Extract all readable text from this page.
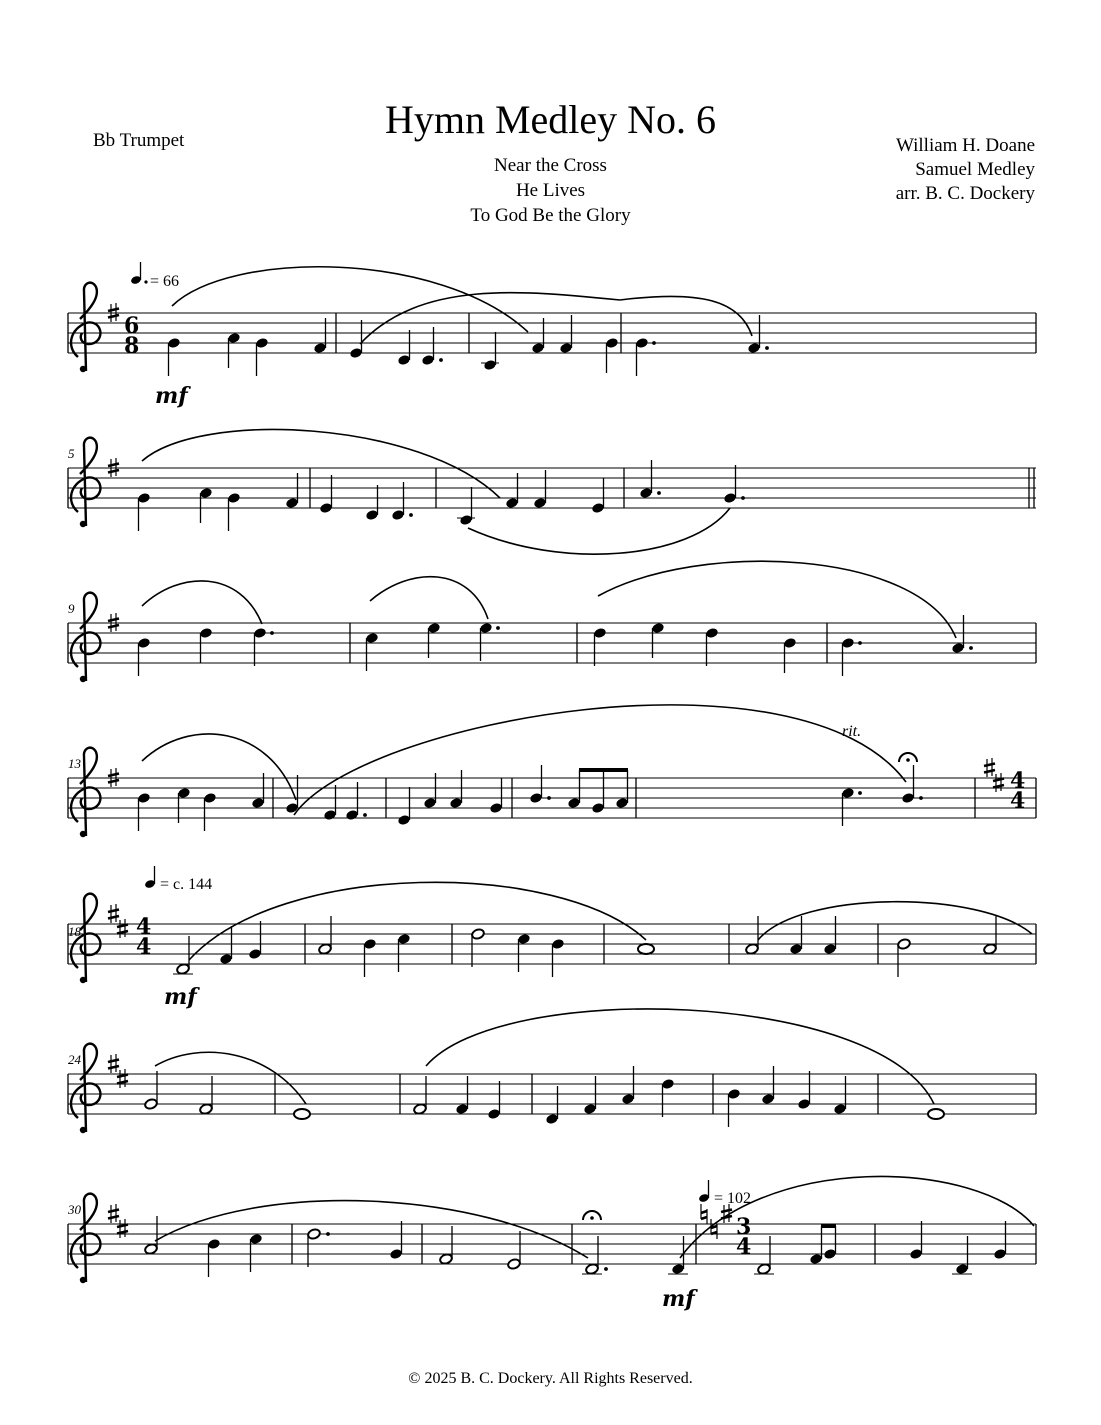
Hymn Medley No. 6
Bb Trumpet
Near the Cross
He Lives
To God Be the Glory
William H. Doane
Samuel Medley
arr. B. C. Dockery
© 2025 B. C. Dockery. All Rights Reserved.
6
8
= 66
mf
5
9
13
4
4
rit.
18	4
4
= c. 144
mf
24
30
3
4
= 102
mf
